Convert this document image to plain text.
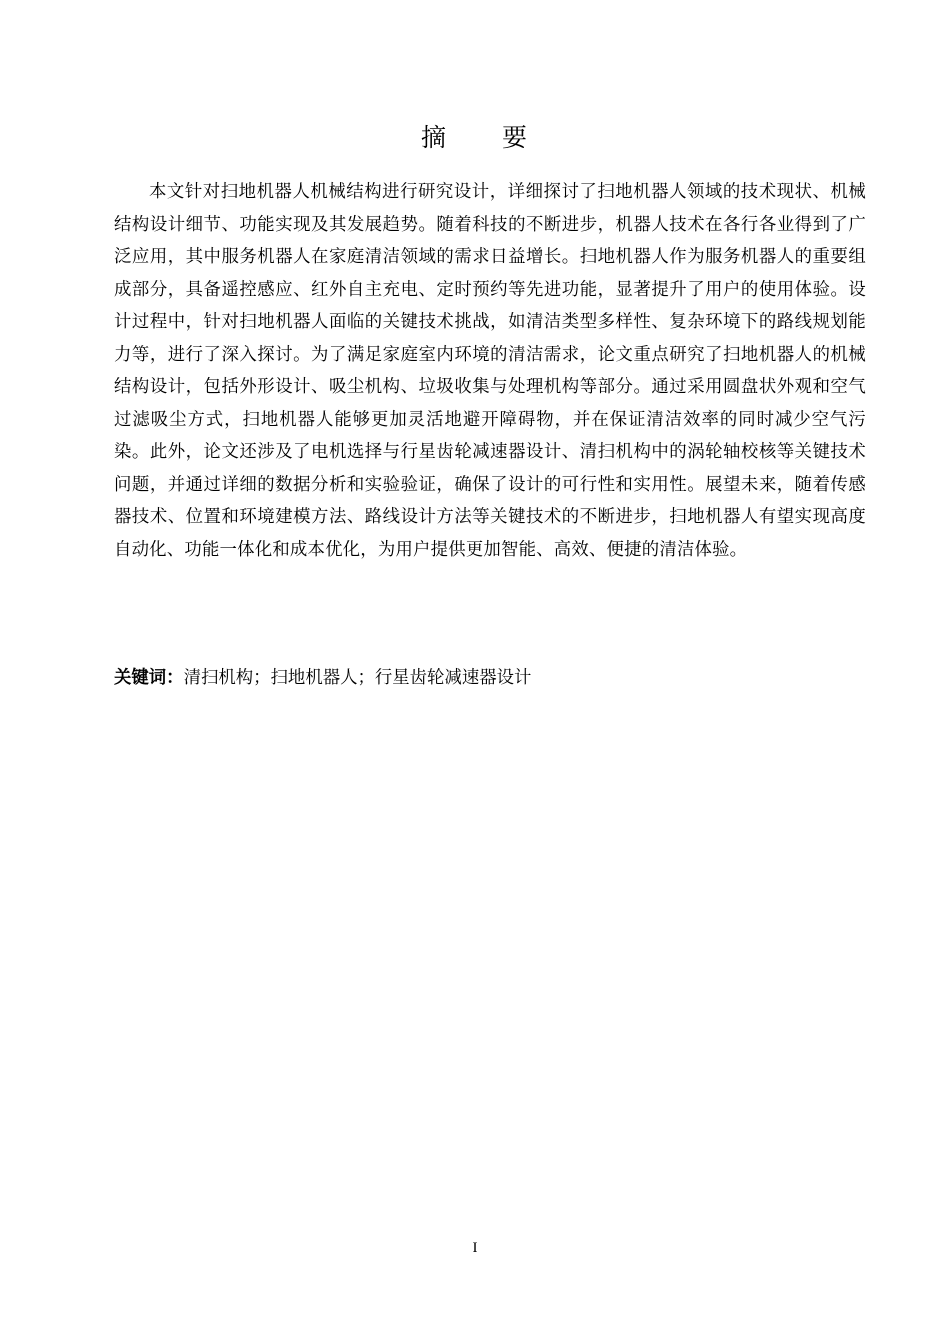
摘 要

本文针对扫地机器人机械结构进行研究设计，详细探讨了扫地机器人领域的技术现状、机械结构设计细节、功能实现及其发展趋势。随着科技的不断进步，机器人技术在各行各业得到了广泛应用，其中服务机器人在家庭清洁领域的需求日益增长。扫地机器人作为服务机器人的重要组成部分，具备遥控感应、红外自主充电、定时预约等先进功能，显著提升了用户的使用体验。设计过程中，针对扫地机器人面临的关键技术挑战，如清洁类型多样性、复杂环境下的路线规划能力等，进行了深入探讨。为了满足家庭室内环境的清洁需求，论文重点研究了扫地机器人的机械结构设计，包括外形设计、吸尘机构、垃圾收集与处理机构等部分。通过采用圆盘状外观和空气过滤吸尘方式，扫地机器人能够更加灵活地避开障碍物，并在保证清洁效率的同时减少空气污染。此外，论文还涉及了电机选择与行星齿轮减速器设计、清扫机构中的涡轮轴校核等关键技术问题，并通过详细的数据分析和实验验证，确保了设计的可行性和实用性。展望未来，随着传感器技术、位置和环境建模方法、路线设计方法等关键技术的不断进步，扫地机器人有望实现高度自动化、功能一体化和成本优化，为用户提供更加智能、高效、便捷的清洁体验。

关键词：清扫机构；扫地机器人；行星齿轮减速器设计
I
